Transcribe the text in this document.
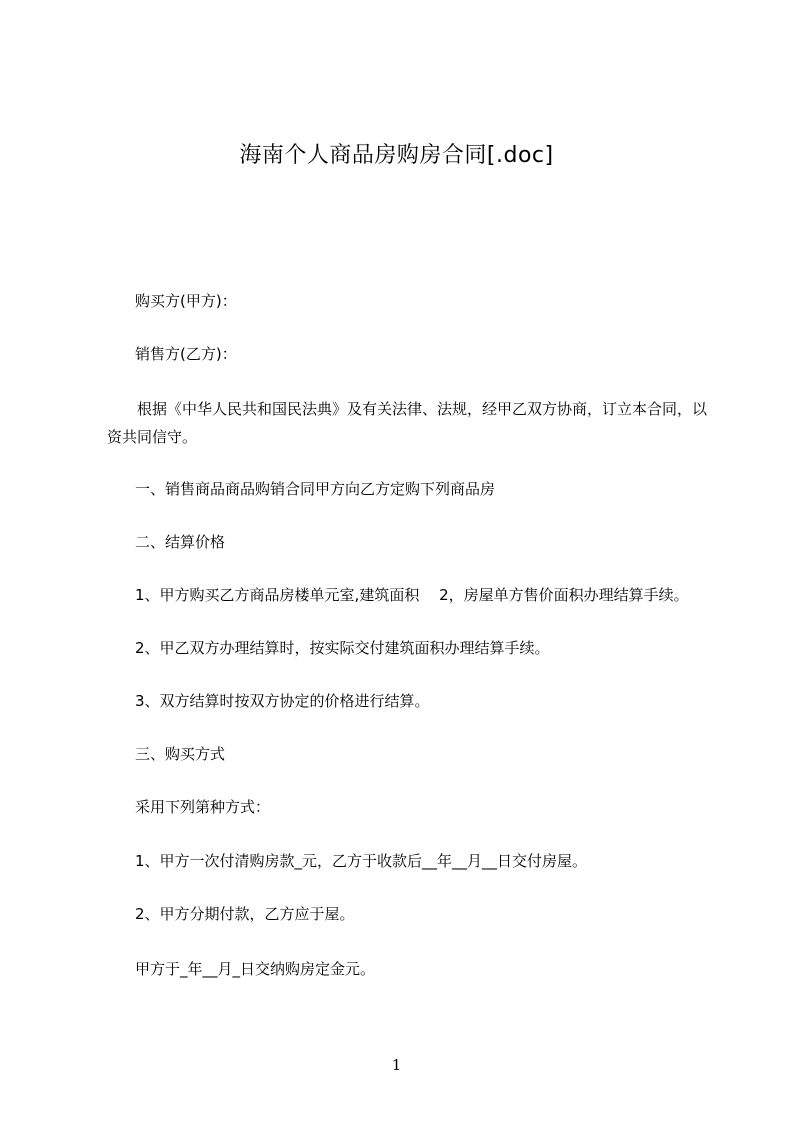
海南个人商品房购房合同[.doc]
购买方(甲方)：
销售方(乙方)：
根据《中华人民共和国民法典》及有关法律、法规，经甲乙双方协商，订立本合同，以资共同信守。
一、销售商品商品购销合同甲方向乙方定购下列商品房
二、结算价格
1、甲方购买乙方商品房楼单元室,建筑面积　 2，房屋单方售价面积办理结算手续。
2、甲乙双方办理结算时，按实际交付建筑面积办理结算手续。
3、双方结算时按双方协定的价格进行结算。
三、购买方式
采用下列第种方式：
1、甲方一次付清购房款_元，乙方于收款后__年__月__日交付房屋。
2、甲方分期付款，乙方应于屋。
甲方于_年__月_日交纳购房定金元。
1
